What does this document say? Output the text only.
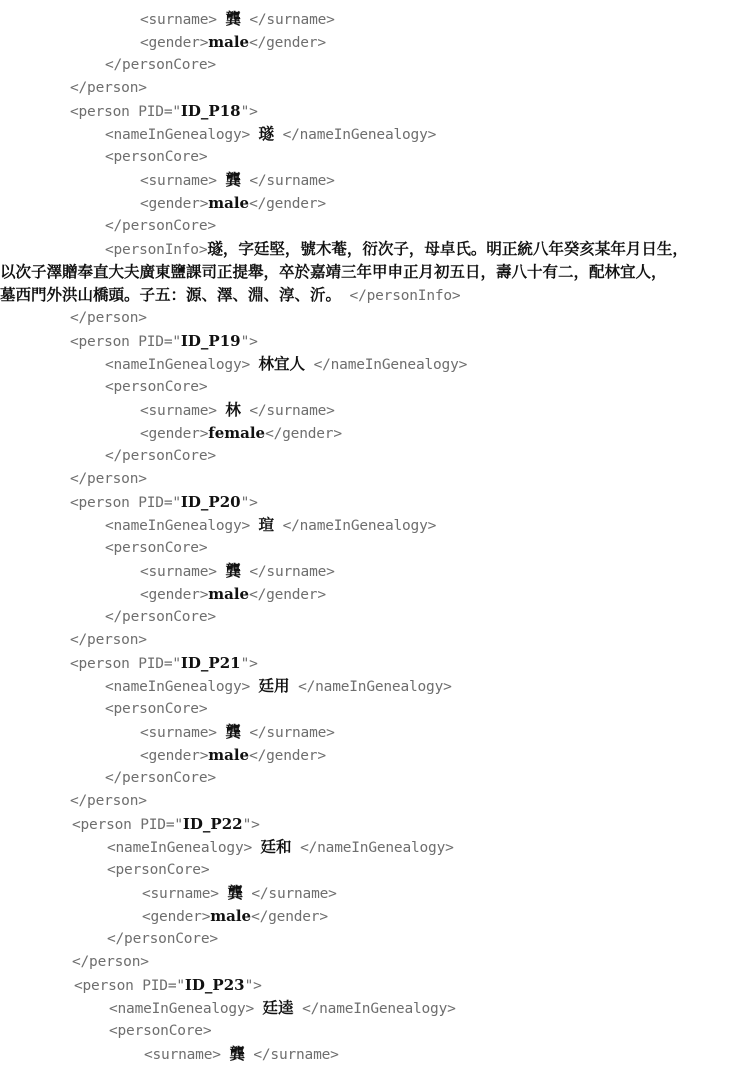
<surname> 龔 </surname>
<gender>male</gender>
</personCore>
</person>
<person PID="ID_P18">
<nameInGenealogy> 璲 </nameInGenealogy>
<personCore>
<surname> 龔 </surname>
<gender>male</gender>
</personCore>
<personInfo>璲，字廷堅，號木菴，衍次子，母卓氏。明正統八年癸亥某年月日生，
以次子澤贈奉直大夫廣東鹽課司正提舉，卒於嘉靖三年甲申正月初五日，壽八十有二，配林宜人，
墓西門外洪山橋頭。子五：源、澤、淵、淳、沂。 </personInfo>
</person>
<person PID="ID_P19">
<nameInGenealogy> 林宜人 </nameInGenealogy>
<personCore>
<surname> 林 </surname>
<gender>female</gender>
</personCore>
</person>
<person PID="ID_P20">
<nameInGenealogy> 瑄 </nameInGenealogy>
<personCore>
<surname> 龔 </surname>
<gender>male</gender>
</personCore>
</person>
<person PID="ID_P21">
<nameInGenealogy> 廷用 </nameInGenealogy>
<personCore>
<surname> 龔 </surname>
<gender>male</gender>
</personCore>
</person>
<person PID="ID_P22">
<nameInGenealogy> 廷和 </nameInGenealogy>
<personCore>
<surname> 龔 </surname>
<gender>male</gender>
</personCore>
</person>
<person PID="ID_P23">
<nameInGenealogy> 廷逵 </nameInGenealogy>
<personCore>
<surname> 龔 </surname>
